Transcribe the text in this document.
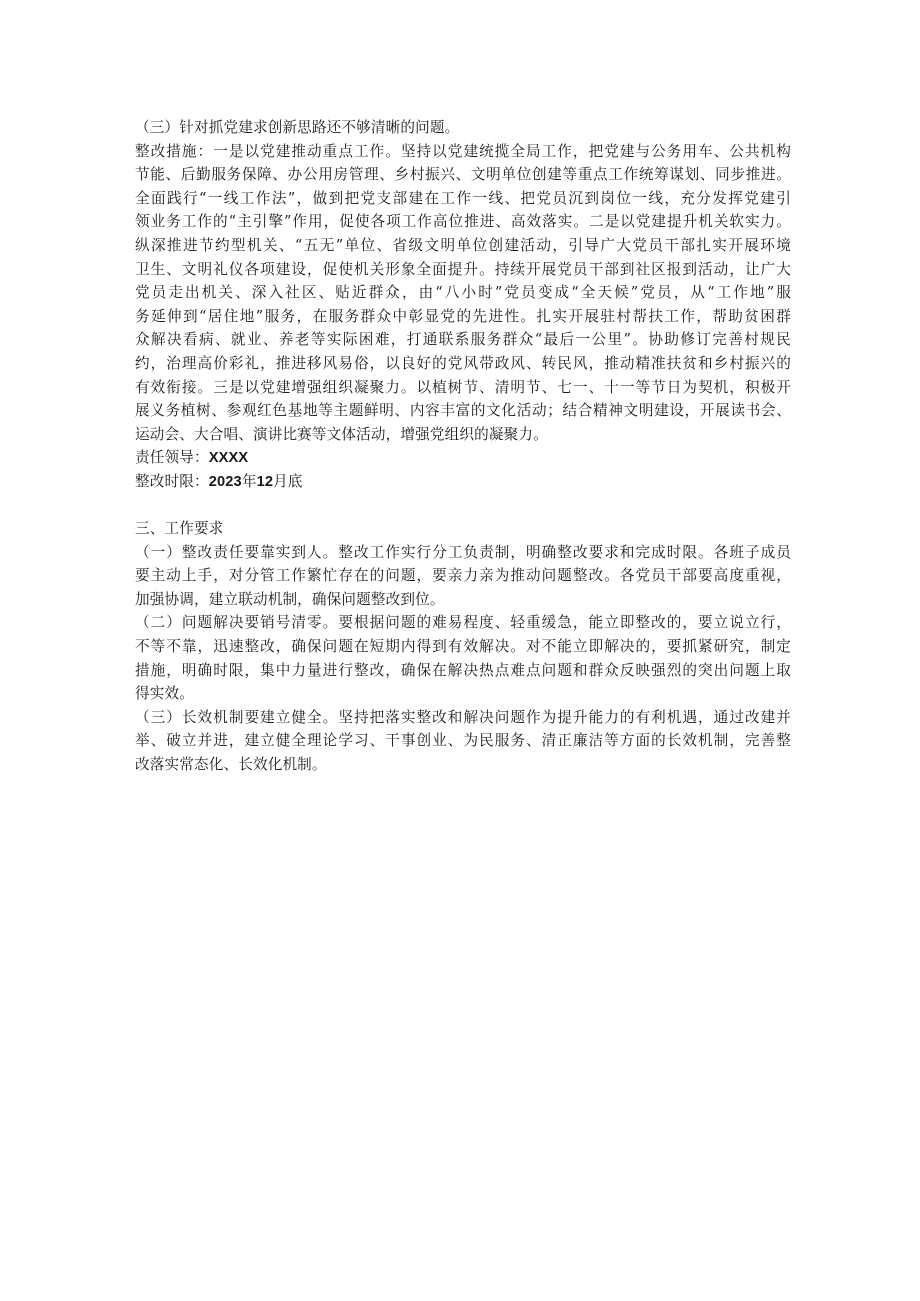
（三）针对抓党建求创新思路还不够清晰的问题。
整改措施：一是以党建推动重点工作。坚持以党建统揽全局工作，把党建与公务用车、公共机构
节能、后勤服务保障、办公用房管理、乡村振兴、文明单位创建等重点工作统筹谋划、同步推进。
全面践行“一线工作法”，做到把党支部建在工作一线、把党员沉到岗位一线，充分发挥党建引
领业务工作的“主引擎”作用，促使各项工作高位推进、高效落实。二是以党建提升机关软实力。
纵深推进节约型机关、“五无”单位、省级文明单位创建活动，引导广大党员干部扎实开展环境
卫生、文明礼仪各项建设，促使机关形象全面提升。持续开展党员干部到社区报到活动，让广大
党员走出机关、深入社区、贴近群众，由“八小时”党员变成“全天候”党员，从“工作地”服
务延伸到“居住地”服务，在服务群众中彰显党的先进性。扎实开展驻村帮扶工作，帮助贫困群
众解决看病、就业、养老等实际困难，打通联系服务群众“最后一公里”。协助修订完善村规民
约，治理高价彩礼，推进移风易俗，以良好的党风带政风、转民风，推动精准扶贫和乡村振兴的
有效衔接。三是以党建增强组织凝聚力。以植树节、清明节、七一、十一等节日为契机，积极开
展义务植树、参观红色基地等主题鲜明、内容丰富的文化活动；结合精神文明建设，开展读书会、
运动会、大合唱、演讲比赛等文体活动，增强党组织的凝聚力。
责任领导：XXXX
整改时限：2023年12月底
三、工作要求
（一）整改责任要靠实到人。整改工作实行分工负责制，明确整改要求和完成时限。各班子成员
要主动上手，对分管工作繁忙存在的问题，要亲力亲为推动问题整改。各党员干部要高度重视，
加强协调，建立联动机制，确保问题整改到位。
（二）问题解决要销号清零。要根据问题的难易程度、轻重缓急，能立即整改的，要立说立行，
不等不靠，迅速整改，确保问题在短期内得到有效解决。对不能立即解决的，要抓紧研究，制定
措施，明确时限，集中力量进行整改，确保在解决热点难点问题和群众反映强烈的突出问题上取
得实效。
（三）长效机制要建立健全。坚持把落实整改和解决问题作为提升能力的有利机遇，通过改建并
举、破立并进，建立健全理论学习、干事创业、为民服务、清正廉洁等方面的长效机制，完善整
改落实常态化、长效化机制。
